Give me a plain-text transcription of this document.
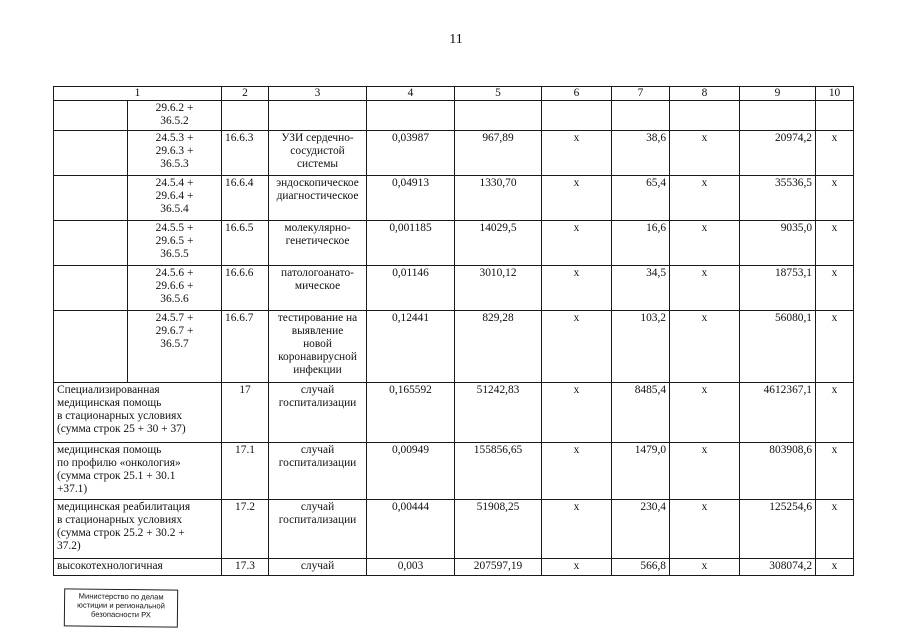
11
1		2	3	4	5	6	7	8	9	10
	29.6.2 +
36.5.2									
	24.5.3 +
29.6.3 +
36.5.3	16.6.3	УЗИ сердечно-
сосудистой
системы	0,03987	967,89	x	38,6	x	20974,2	x
	24.5.4 +
29.6.4 +
36.5.4	16.6.4	эндоскопическое
диагностическое	0,04913	1330,70	x	65,4	x	35536,5	x
	24.5.5 +
29.6.5 +
36.5.5	16.6.5	молекулярно-
генетическое	0,001185	14029,5	x	16,6	x	9035,0	x
	24.5.6 +
29.6.6 +
36.5.6	16.6.6	патологоанато-
мическое	0,01146	3010,12	x	34,5	x	18753,1	x
	24.5.7 +
29.6.7 +
36.5.7	16.6.7	тестирование на
выявление
новой
коронавирусной
инфекции	0,12441	829,28	x	103,2	x	56080,1	x
Специализированная
медицинская помощь
в стационарных условиях
(сумма строк 25 + 30 + 37)		17	случай
госпитализации	0,165592	51242,83	x	8485,4	x	4612367,1	x
медицинская помощь
по профилю «онкология»
(сумма строк 25.1 + 30.1
+37.1)		17.1	случай
госпитализации	0,00949	155856,65	x	1479,0	x	803908,6	x
медицинская реабилитация
в стационарных условиях
(сумма строк 25.2 + 30.2 +
37.2)		17.2	случай
госпитализации	0,00444	51908,25	x	230,4	x	125254,6	x
высокотехнологичная		17.3	случай	0,003	207597,19	x	566,8	x	308074,2	x
Министерство по делам
юстиции и региональной
безопасности РХ
